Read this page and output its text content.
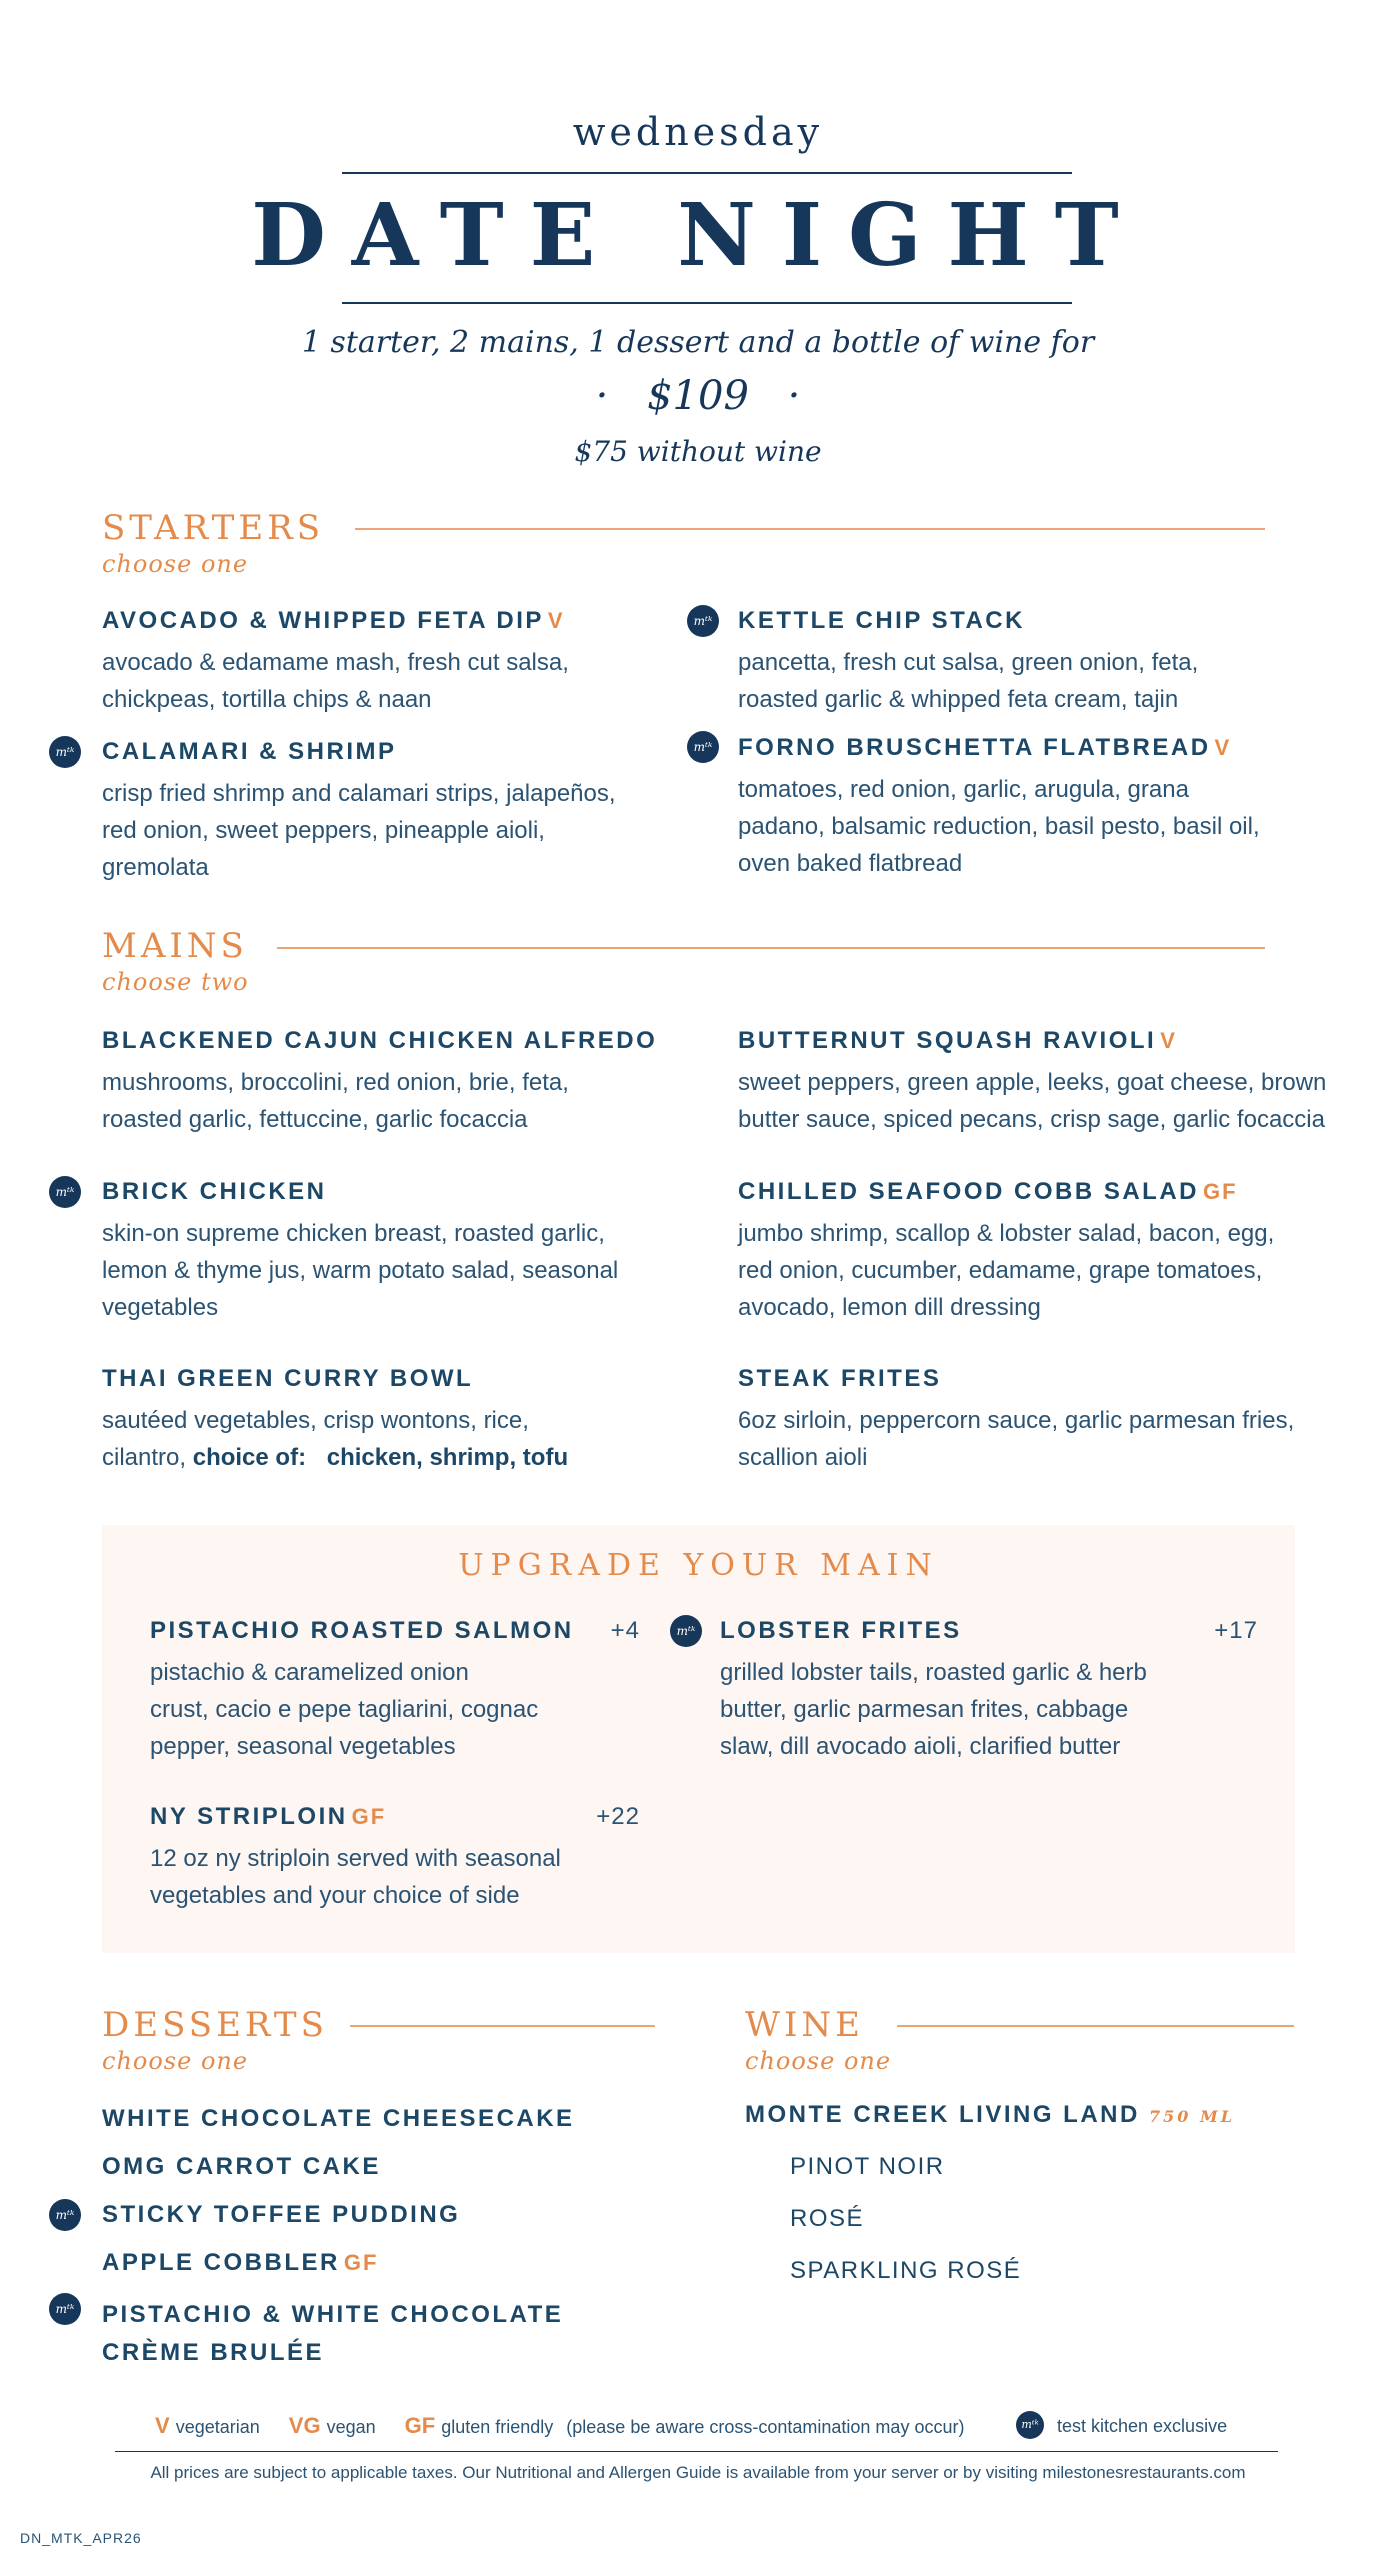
wednesday
DATE NIGHT
1 starter, 2 mains, 1 dessert and a bottle of wine for
· $109 ·
$75 without wine
STARTERS
choose one
AVOCADO & WHIPPED FETA DIP V
avocado & edamame mash, fresh cut salsa,
chickpeas, tortilla chips & naan
mᵗᵏ KETTLE CHIP STACK
pancetta, fresh cut salsa, green onion, feta,
roasted garlic & whipped feta cream, tajin
mᵗᵏ CALAMARI & SHRIMP
crisp fried shrimp and calamari strips, jalapeños,
red onion, sweet peppers, pineapple aioli,
gremolata
mᵗᵏ FORNO BRUSCHETTA FLATBREAD V
tomatoes, red onion, garlic, arugula, grana
padano, balsamic reduction, basil pesto, basil oil,
oven baked flatbread
MAINS
choose two
BLACKENED CAJUN CHICKEN ALFREDO
mushrooms, broccolini, red onion, brie, feta,
roasted garlic, fettuccine, garlic focaccia
BUTTERNUT SQUASH RAVIOLI V
sweet peppers, green apple, leeks, goat cheese, brown
butter sauce, spiced pecans, crisp sage, garlic focaccia
mᵗᵏ BRICK CHICKEN
skin-on supreme chicken breast, roasted garlic,
lemon & thyme jus, warm potato salad, seasonal
vegetables
CHILLED SEAFOOD COBB SALAD GF
jumbo shrimp, scallop & lobster salad, bacon, egg,
red onion, cucumber, edamame, grape tomatoes,
avocado, lemon dill dressing
THAI GREEN CURRY BOWL
sautéed vegetables, crisp wontons, rice,
cilantro, choice of: chicken, shrimp, tofu
STEAK FRITES
6oz sirloin, peppercorn sauce, garlic parmesan fries,
scallion aioli
UPGRADE YOUR MAIN
PISTACHIO ROASTED SALMON +4
pistachio & caramelized onion
crust, cacio e pepe tagliarini, cognac
pepper, seasonal vegetables
mᵗᵏ LOBSTER FRITES	+17
grilled lobster tails, roasted garlic & herb
butter, garlic parmesan frites, cabbage
slaw, dill avocado aioli, clarified butter
NY STRIPLOIN GF	+22
12 oz ny striploin served with seasonal
vegetables and your choice of side
DESSERTS
choose one
WHITE CHOCOLATE CHEESECAKE
OMG CARROT CAKE
mᵗᵏ STICKY TOFFEE PUDDING
APPLE COBBLER GF
mᵗᵏ PISTACHIO & WHITE CHOCOLATE
CRÈME BRULÉE
WINE
choose one
MONTE CREEK LIVING LAND 750 ML
PINOT NOIR
ROSÉ
SPARKLING ROSÉ
V vegetarian VG vegan GF gluten friendly (please be aware cross-contamination may occur)	mᵗᵏ	test kitchen exclusive
All prices are subject to applicable taxes. Our Nutritional and Allergen Guide is available from your server or by visiting milestonesrestaurants.com
DN_MTK_APR26
